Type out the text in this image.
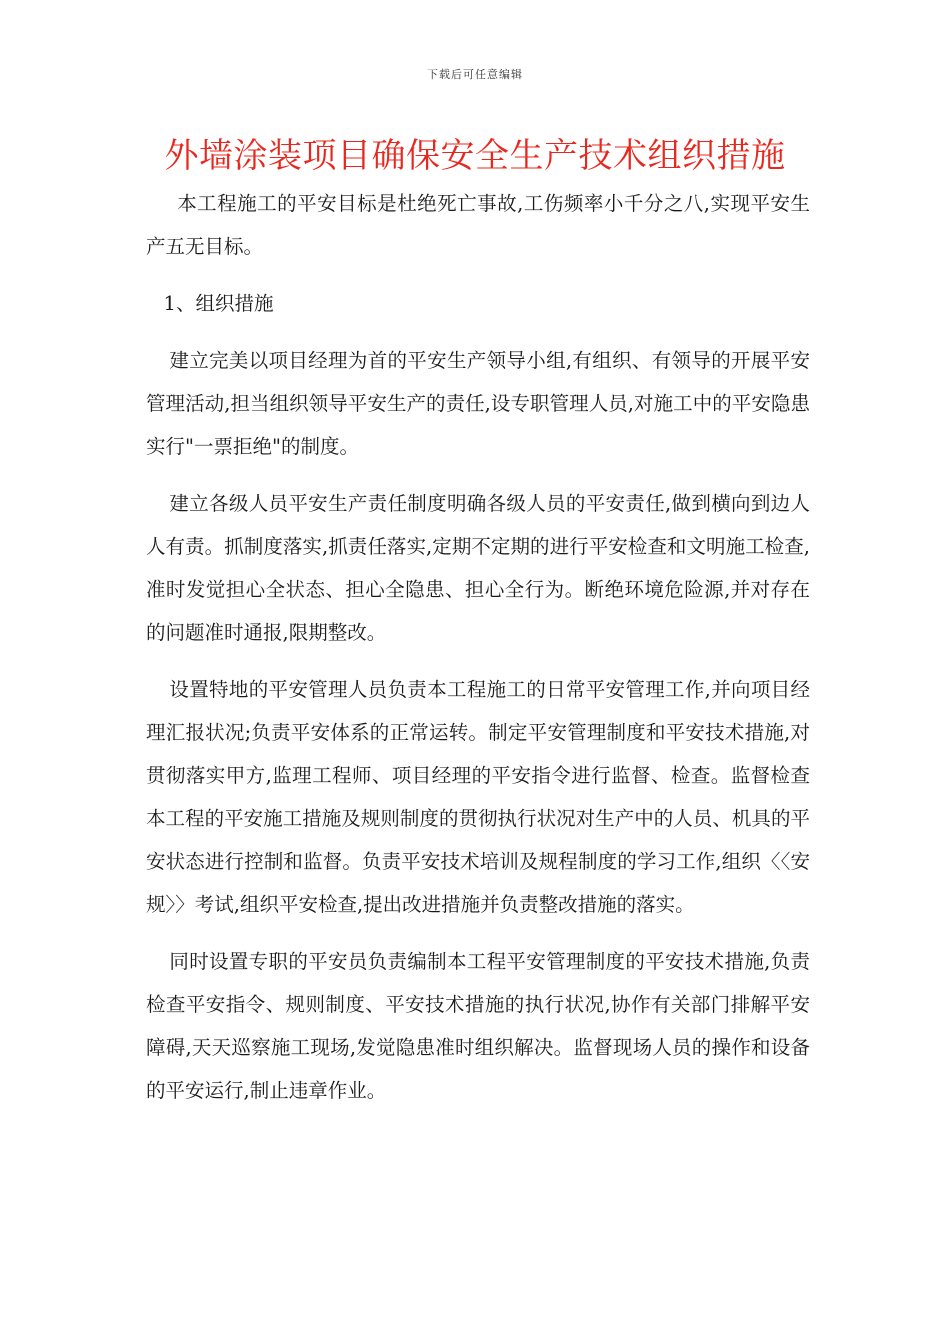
下载后可任意编辑
外墙涂装项目确保安全生产技术组织措施

本工程施工的平安目标是杜绝死亡事故,工伤频率小千分之八,实现平安生产五无目标。

1、组织措施

建立完美以项目经理为首的平安生产领导小组,有组织、有领导的开展平安管理活动,担当组织领导平安生产的责任,设专职管理人员,对施工中的平安隐患实行"一票拒绝"的制度。

建立各级人员平安生产责任制度明确各级人员的平安责任,做到横向到边人人有责。抓制度落实,抓责任落实,定期不定期的进行平安检查和文明施工检查,准时发觉担心全状态、担心全隐患、担心全行为。断绝环境危险源,并对存在的问题准时通报,限期整改。

设置特地的平安管理人员负责本工程施工的日常平安管理工作,并向项目经理汇报状况;负责平安体系的正常运转。制定平安管理制度和平安技术措施,对贯彻落实甲方,监理工程师、项目经理的平安指令进行监督、检查。监督检查本工程的平安施工措施及规则制度的贯彻执行状况对生产中的人员、机具的平安状态进行控制和监督。负责平安技术培训及规程制度的学习工作,组织〈〈安规〉〉考试,组织平安检查,提出改进措施并负责整改措施的落实。

同时设置专职的平安员负责编制本工程平安管理制度的平安技术措施,负责检查平安指令、规则制度、平安技术措施的执行状况,协作有关部门排解平安障碍,天天巡察施工现场,发觉隐患准时组织解决。监督现场人员的操作和设备的平安运行,制止违章作业。
